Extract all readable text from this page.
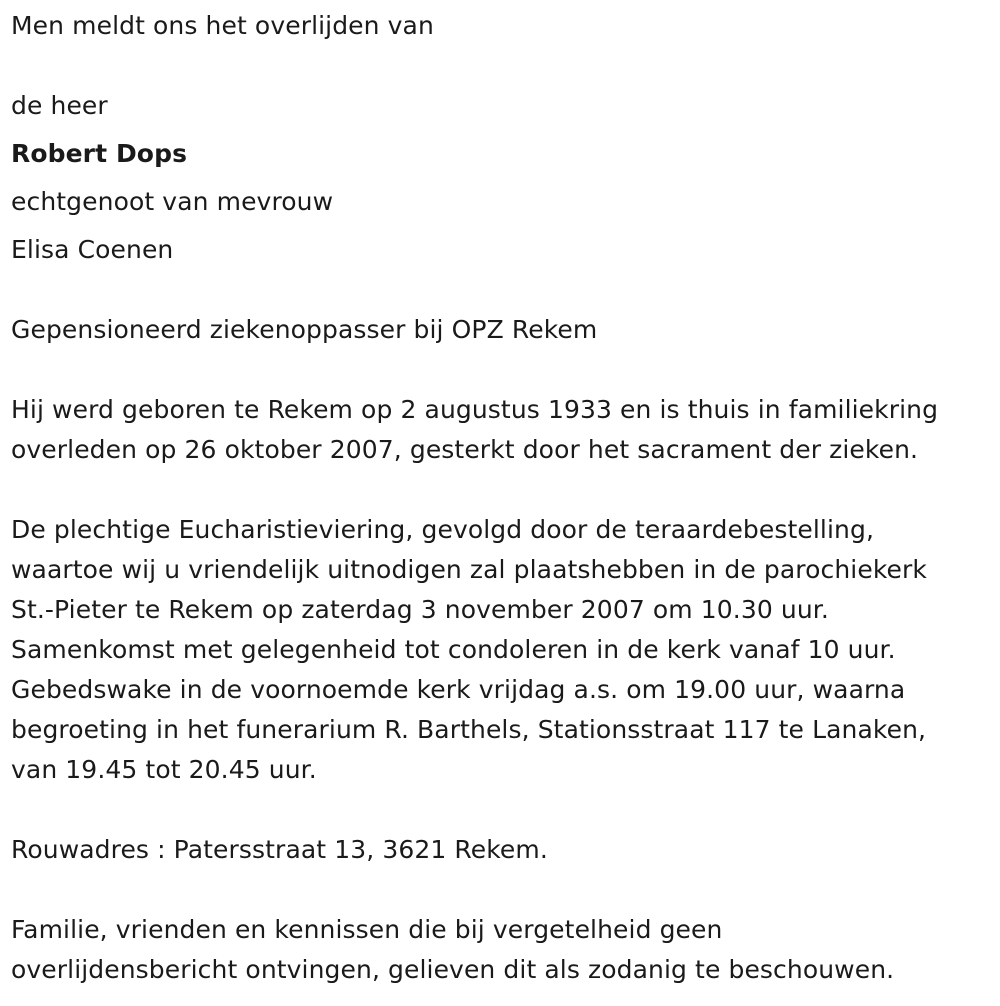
Men meldt ons het overlijden van
de heer
Robert Dops
echtgenoot van mevrouw
Elisa Coenen
Gepensioneerd ziekenoppasser bij OPZ Rekem
Hij werd geboren te Rekem op 2 augustus 1933 en is thuis in familiekring
overleden op 26 oktober 2007, gesterkt door het sacrament der zieken.
De plechtige Eucharistieviering, gevolgd door de teraardebestelling,
waartoe wij u vriendelijk uitnodigen zal plaatshebben in de parochiekerk
St.-Pieter te Rekem op zaterdag 3 november 2007 om 10.30 uur.
Samenkomst met gelegenheid tot condoleren in de kerk vanaf 10 uur.
Gebedswake in de voornoemde kerk vrijdag a.s. om 19.00 uur, waarna
begroeting in het funerarium R. Barthels, Stationsstraat 117 te Lanaken,
van 19.45 tot 20.45 uur.
Rouwadres : Patersstraat 13, 3621 Rekem.
Familie, vrienden en kennissen die bij vergetelheid geen
overlijdensbericht ontvingen, gelieven dit als zodanig te beschouwen.
